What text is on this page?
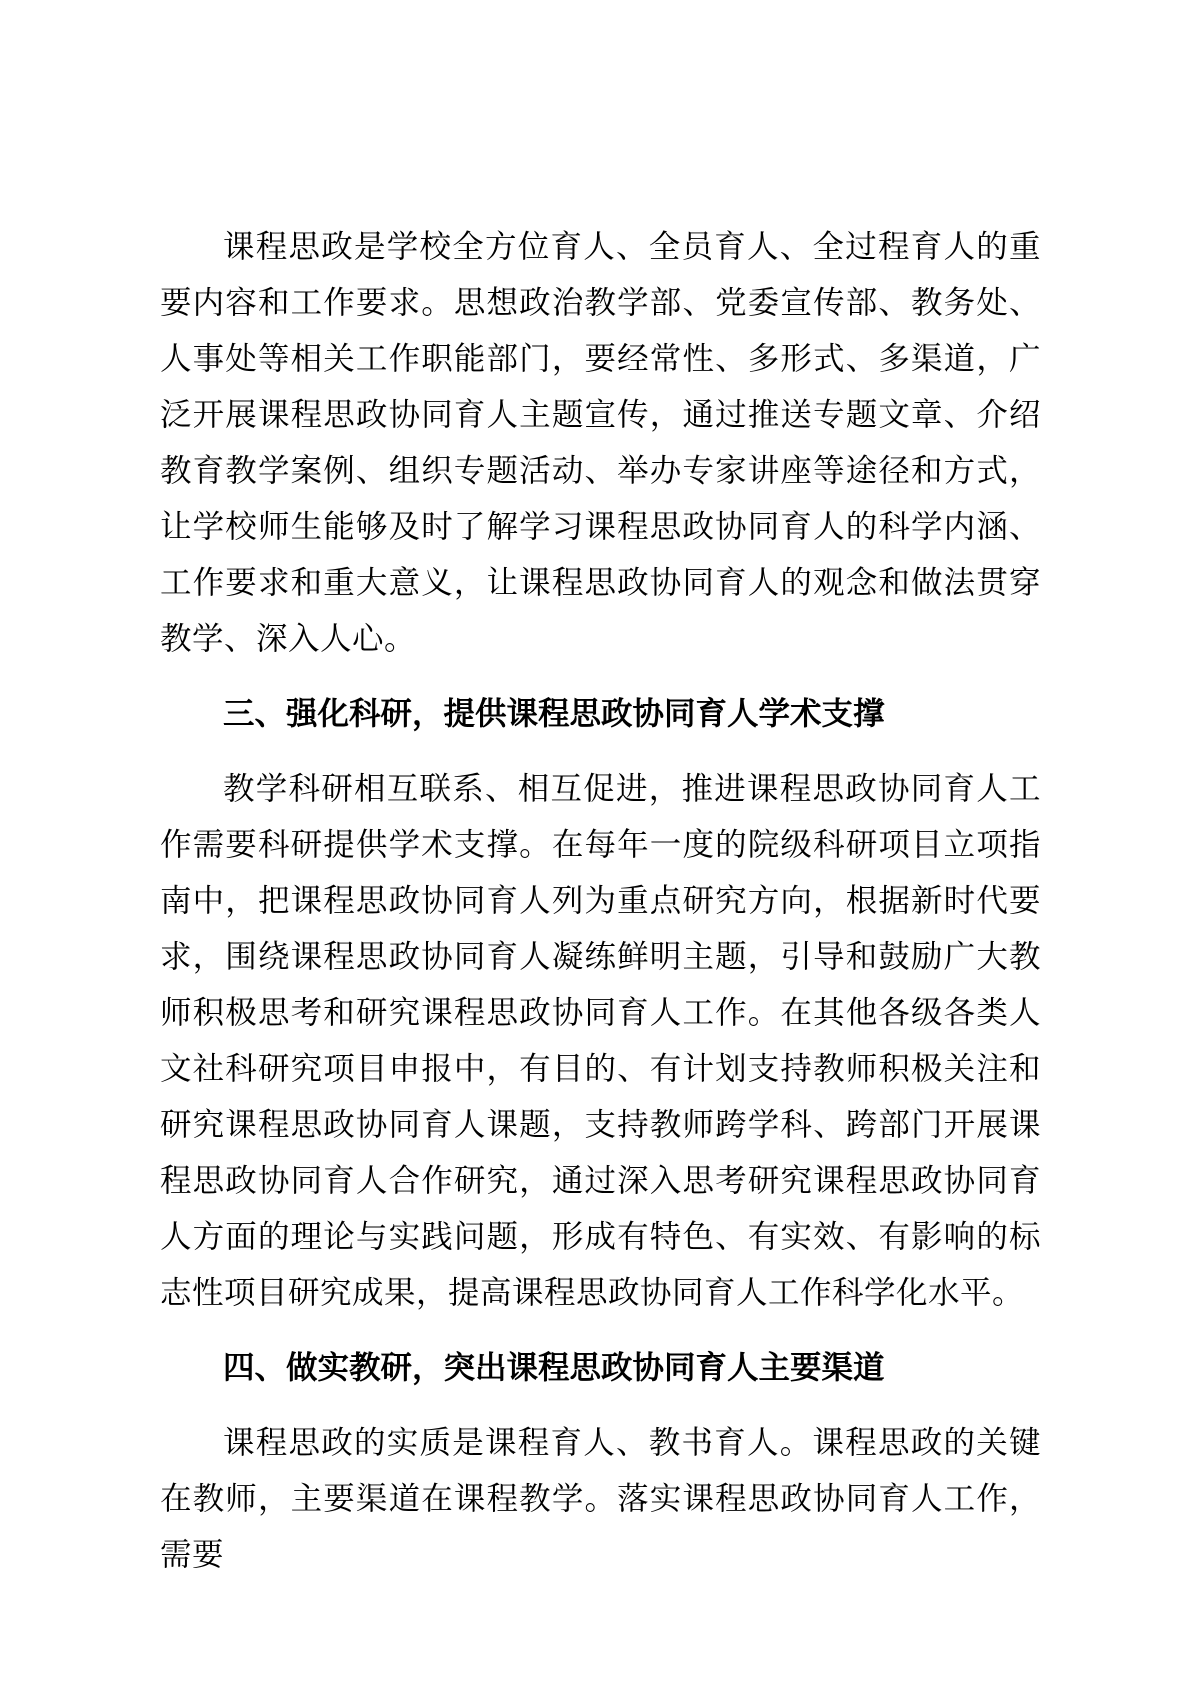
课程思政是学校全方位育人、全员育人、全过程育人的重要内容和工作要求。思想政治教学部、党委宣传部、教务处、人事处等相关工作职能部门，要经常性、多形式、多渠道，广泛开展课程思政协同育人主题宣传，通过推送专题文章、介绍教育教学案例、组织专题活动、举办专家讲座等途径和方式，让学校师生能够及时了解学习课程思政协同育人的科学内涵、工作要求和重大意义，让课程思政协同育人的观念和做法贯穿教学、深入人心。

三、强化科研，提供课程思政协同育人学术支撑

教学科研相互联系、相互促进，推进课程思政协同育人工作需要科研提供学术支撑。在每年一度的院级科研项目立项指南中，把课程思政协同育人列为重点研究方向，根据新时代要求，围绕课程思政协同育人凝练鲜明主题，引导和鼓励广大教师积极思考和研究课程思政协同育人工作。在其他各级各类人文社科研究项目申报中，有目的、有计划支持教师积极关注和研究课程思政协同育人课题，支持教师跨学科、跨部门开展课程思政协同育人合作研究，通过深入思考研究课程思政协同育人方面的理论与实践问题，形成有特色、有实效、有影响的标志性项目研究成果，提高课程思政协同育人工作科学化水平。

四、做实教研，突出课程思政协同育人主要渠道

课程思政的实质是课程育人、教书育人。课程思政的关键在教师，主要渠道在课程教学。落实课程思政协同育人工作，需要
